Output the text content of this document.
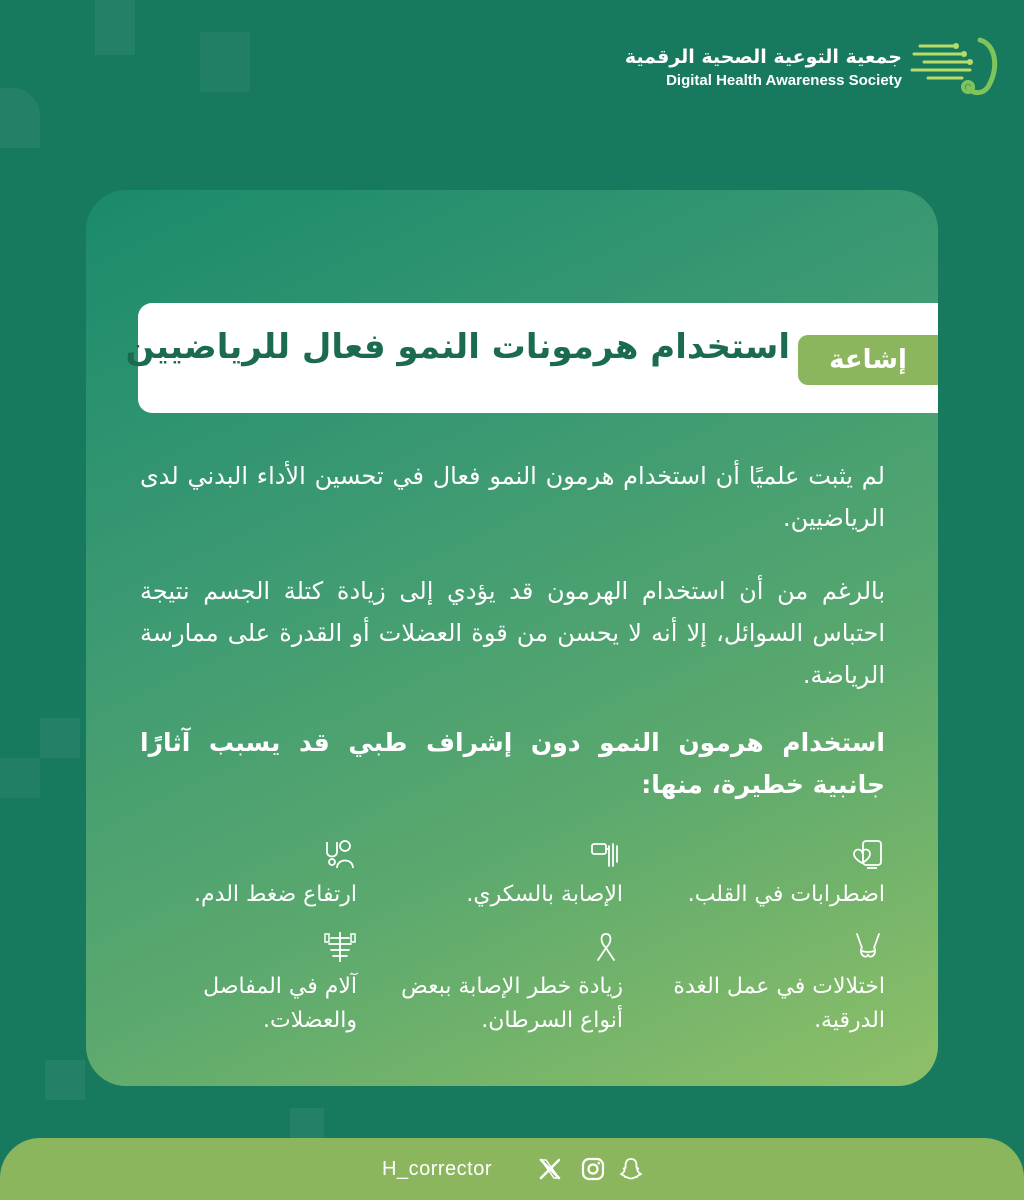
جمعية التوعية الصحية الرقمية
Digital Health Awareness Society
استخدام هرمونات النمو فعال للرياضيين	إشاعة
لم يثبت علميًا أن استخدام هرمون النمو فعال في تحسين الأداء البدني لدى الرياضيين.
بالرغم من أن استخدام الهرمون قد يؤدي إلى زيادة كتلة الجسم نتيجة احتباس السوائل، إلا أنه لا يحسن من قوة العضلات أو القدرة على ممارسة الرياضة.
استخدام هرمون النمو دون إشراف طبي قد يسبب آثارًا جانبية خطيرة، منها:
اضطرابات في القلب.
الإصابة بالسكري.
ارتفاع ضغط الدم.
اختلالات في عمل الغدة الدرقية.
زيادة خطر الإصابة ببعض أنواع السرطان.
آلام في المفاصل والعضلات.
H_corrector
